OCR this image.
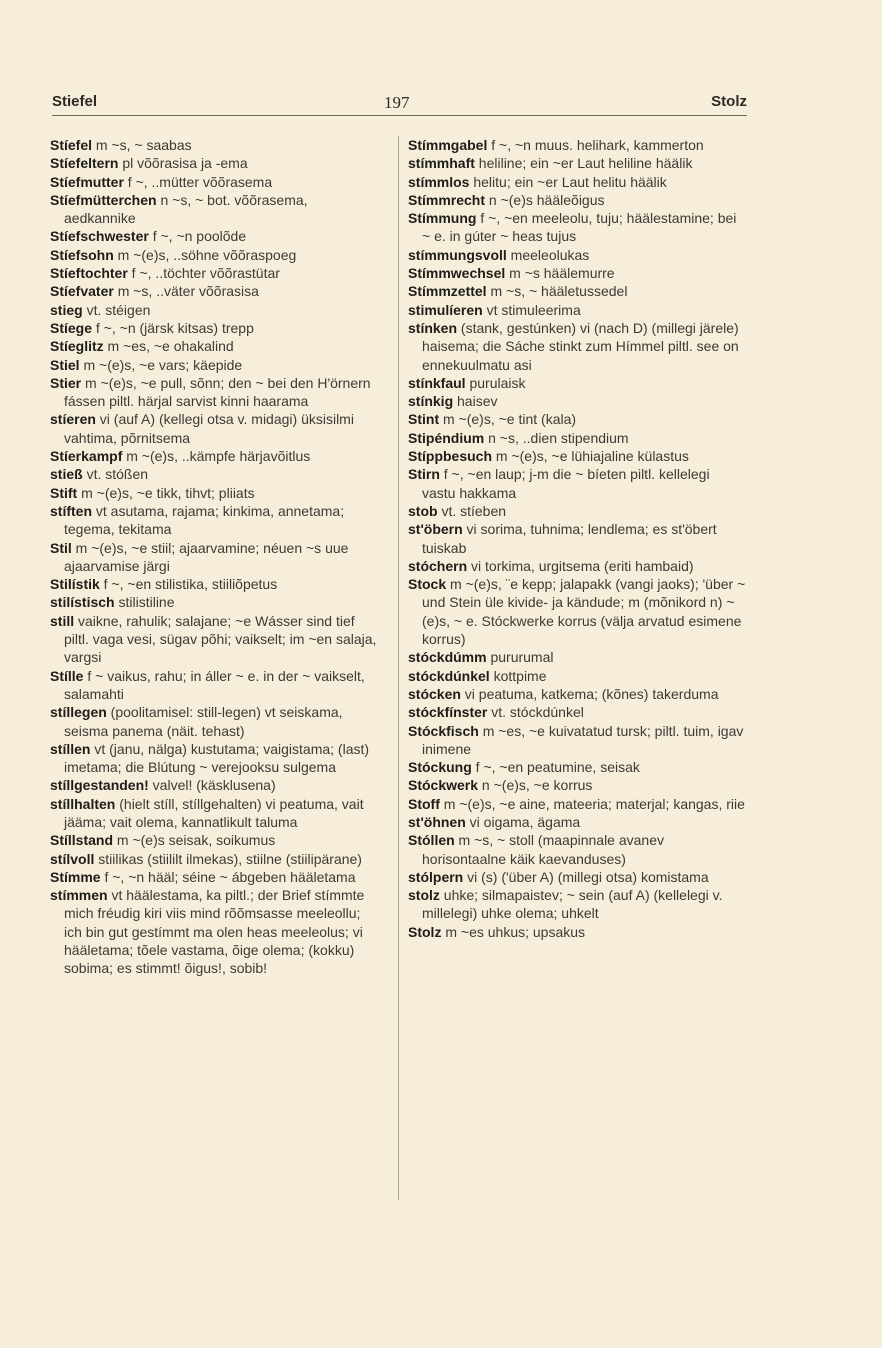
Stiefel	197	Stolz

Stíefel m ~s, ~ saabas

Stíefeltern pl võõrasisa ja -ema

Stíefmutter f ~, ..mütter võõrasema

Stíefmütterchen n ~s, ~ bot. võõrasema, aedkannike

Stíefschwester f ~, ~n poolõde

Stíefsohn m ~(e)s, ..söhne võõraspoeg

Stíeftochter f ~, ..töchter võõrastütar

Stíefvater m ~s, ..väter võõrasisa

stieg vt. stéigen

Stíege f ~, ~n (järsk kitsas) trepp

Stíeglitz m ~es, ~e ohakalind

Stiel m ~(e)s, ~e vars; käepide

Stier m ~(e)s, ~e pull, sõnn; den ~ bei den H'örnern fássen piltl. härjal sarvist kinni haarama

stíeren vi (auf A) (kellegi otsa v. midagi) üksisilmi vahtima, põrnitsema

Stíerkampf m ~(e)s, ..kämpfe härjavõitlus

stieß vt. stóßen

Stift m ~(e)s, ~e tikk, tihvt; pliiats

stíften vt asutama, rajama; kinkima, annetama; tegema, tekitama

Stil m ~(e)s, ~e stiil; ajaarvamine; néuen ~s uue ajaarvamise järgi

Stilístik f ~, ~en stilistika, stiiliõpetus

stilístisch stilistiline

still vaikne, rahulik; salajane; ~e Wásser sind tief piltl. vaga vesi, sügav põhi; vaikselt; im ~en salaja, vargsi

Stílle f ~ vaikus, rahu; in áller ~ e. in der ~ vaikselt, salamahti

stíllegen (poolitamisel: still-legen) vt seiskama, seisma panema (näit. tehast)

stíllen vt (janu, nälga) kustutama; vaigistama; (last) imetama; die Blútung ~ verejooksu sulgema

stíllgestanden! valvel! (käsklusena)

stíllhalten (hielt stíll, stíllgehalten) vi peatuma, vait jääma; vait olema, kannatlikult taluma

Stíllstand m ~(e)s seisak, soikumus

stílvoll stiilikas (stiililt ilmekas), stiilne (stiilipärane)

Stímme f ~, ~n hääl; séine ~ ábgeben hääletama

stímmen vt häälestama, ka piltl.; der Brief stímmte mich fréudig kiri viis mind rõõmsasse meeleollu; ich bin gut gestímmt ma olen heas meeleolus; vi hääletama; tõele vastama, õige olema; (kokku) sobima; es stimmt! õigus!, sobib!

Stímmgabel f ~, ~n muus. helihark, kammerton

stímmhaft heliline; ein ~er Laut heliline häälik

stímmlos helitu; ein ~er Laut helitu häälik

Stímmrecht n ~(e)s hääleõigus

Stímmung f ~, ~en meeleolu, tuju; häälestamine; bei ~ e. in gúter ~ heas tujus

stímmungsvoll meeleolukas

Stímmwechsel m ~s häälemurre

Stímmzettel m ~s, ~ hääletussedel

stimulíeren vt stimuleerima

stínken (stank, gestúnken) vi (nach D) (millegi järele) haisema; die Sáche stinkt zum Hímmel piltl. see on ennekuulmatu asi

stínkfaul purulaisk

stínkig haisev

Stint m ~(e)s, ~e tint (kala)

Stipéndium n ~s, ..dien stipendium

Stíppbesuch m ~(e)s, ~e lühiajaline külastus

Stirn f ~, ~en laup; j-m die ~ bíeten piltl. kellelegi vastu hakkama

stob vt. stíeben

st'öbern vi sorima, tuhnima; lendlema; es st'öbert tuiskab

stóchern vi torkima, urgitsema (eriti hambaid)

Stock m ~(e)s, ¨e kepp; jalapakk (vangi jaoks); 'über ~ und Stein üle kivide- ja kändude; m (mõnikord n) ~(e)s, ~ e. Stóckwerke korrus (välja arvatud esimene korrus)

stóckdúmm pururumal

stóckdúnkel kottpime

stócken vi peatuma, katkema; (kõnes) takerduma

stóckfínster vt. stóckdúnkel

Stóckfisch m ~es, ~e kuivatatud tursk; piltl. tuim, igav inimene

Stóckung f ~, ~en peatumine, seisak

Stóckwerk n ~(e)s, ~e korrus

Stoff m ~(e)s, ~e aine, mateeria; materjal; kangas, riie

st'öhnen vi oigama, ägama

Stóllen m ~s, ~ stoll (maapinnale avanev horisontaalne käik kaevanduses)

stólpern vi (s) ('über A) (millegi otsa) komistama

stolz uhke; silmapaistev; ~ sein (auf A) (kellelegi v. millelegi) uhke olema; uhkelt

Stolz m ~es uhkus; upsakus
